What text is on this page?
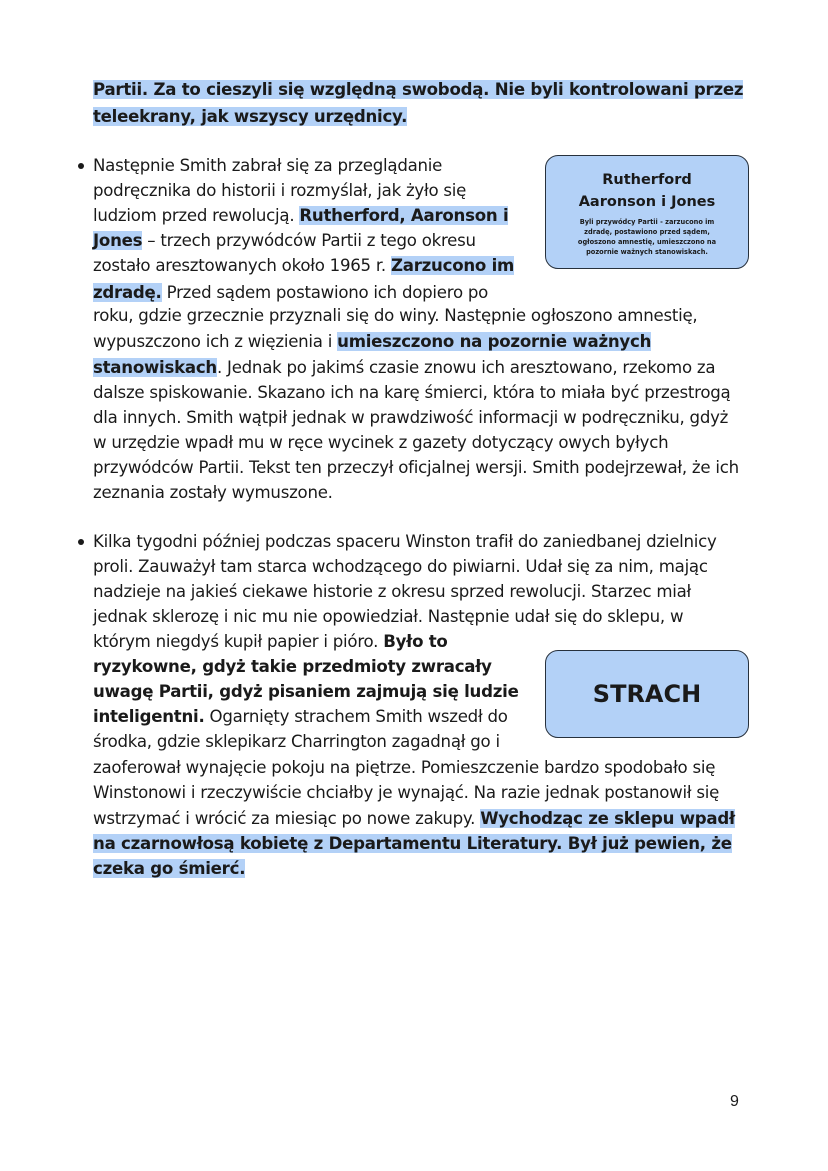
Partii. Za to cieszyli się względną swobodą. Nie byli kontrolowani przez
teleekrany, jak wszyscy urzędnicy.
Następnie Smith zabrał się za przeglądanie
podręcznika do historii i rozmyślał, jak żyło się
ludziom przed rewolucją. Rutherford, Aaronson i
Jones – trzech przywódców Partii z tego okresu
zostało aresztowanych około 1965 r. Zarzucono im
zdradę. Przed sądem postawiono ich dopiero po
roku, gdzie grzecznie przyznali się do winy. Następnie ogłoszono amnestię,
wypuszczono ich z więzienia i umieszczono na pozornie ważnych
stanowiskach. Jednak po jakimś czasie znowu ich aresztowano, rzekomo za
dalsze spiskowanie. Skazano ich na karę śmierci, która to miała być przestrogą
dla innych. Smith wątpił jednak w prawdziwość informacji w podręczniku, gdyż
w urzędzie wpadł mu w ręce wycinek z gazety dotyczący owych byłych
przywódców Partii. Tekst ten przeczył oficjalnej wersji. Smith podejrzewał, że ich
zeznania zostały wymuszone.
Rutherford
Aaronson i Jones
Byli przywódcy Partii - zarzucono im
zdradę, postawiono przed sądem,
ogłoszono amnestię, umieszczono na
pozornie ważnych stanowiskach.
Kilka tygodni później podczas spaceru Winston trafił do zaniedbanej dzielnicy
proli. Zauważył tam starca wchodzącego do piwiarni. Udał się za nim, mając
nadzieje na jakieś ciekawe historie z okresu sprzed rewolucji. Starzec miał
jednak sklerozę i nic mu nie opowiedział. Następnie udał się do sklepu, w
którym niegdyś kupił papier i pióro. Było to
ryzykowne, gdyż takie przedmioty zwracały
uwagę Partii, gdyż pisaniem zajmują się ludzie
inteligentni. Ogarnięty strachem Smith wszedł do
środka, gdzie sklepikarz Charrington zagadnął go i
zaoferował wynajęcie pokoju na piętrze. Pomieszczenie bardzo spodobało się
Winstonowi i rzeczywiście chciałby je wynająć. Na razie jednak postanowił się
wstrzymać i wrócić za miesiąc po nowe zakupy. Wychodząc ze sklepu wpadł
na czarnowłosą kobietę z Departamentu Literatury. Był już pewien, że
czeka go śmierć.
STRACH
9
